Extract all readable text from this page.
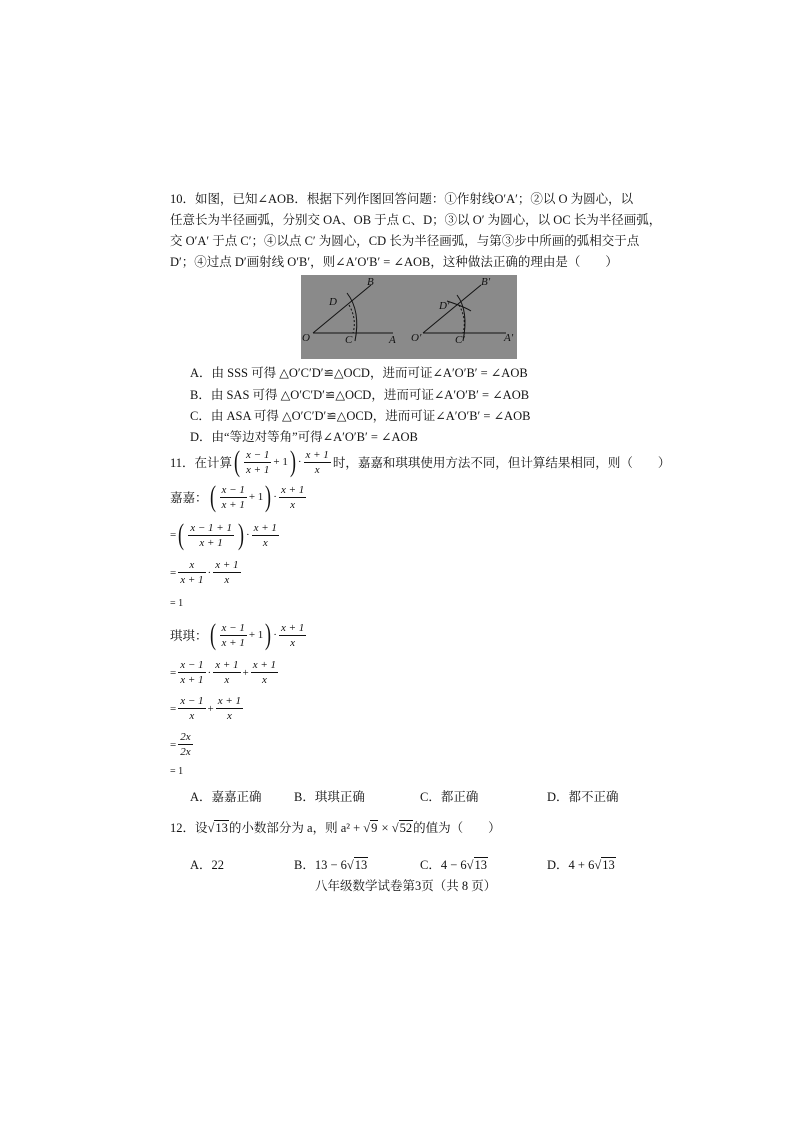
10．如图，已知∠AOB．根据下列作图回答问题：①作射线O′A′；②以 O 为圆心，以
任意长为半径画弧，分别交 OA、OB 于点 C、D；③以 O′ 为圆心，以 OC 长为半径画弧，
交 O′A′ 于点 C′；④以点 C′ 为圆心，CD 长为半径画弧，与第③步中所画的弧相交于点
D′；④过点 D′画射线 O′B′，则∠A′O′B′ = ∠AOB，这种做法正确的理由是（　　）
B
D
O	C	A
B′
D′
O′	C′	A′
A．由 SSS 可得 △O′C′D′≌△OCD，进而可证∠A′O′B′ = ∠AOB
B．由 SAS 可得 △O′C′D′≌△OCD，进而可证∠A′O′B′ = ∠AOB
C．由 ASA 可得 △O′C′D′≌△OCD，进而可证∠A′O′B′ = ∠AOB
D．由“等边对等角”可得∠A′O′B′ = ∠AOB
11．在计算 ( $\frac{x - 1}{x + 1} + 1$ ) · $\frac{x + 1}{x}$ 时，嘉嘉和琪琪使用方法不同，但计算结果相同，则（　　）
嘉嘉： ( $\frac{x - 1}{x + 1} + 1$ ) · $\frac{x + 1}{x}$
= ( $\frac{x - 1 + 1}{x + 1}$ ) · $\frac{x + 1}{x}$
= $\frac{x}{x + 1} \cdot \frac{x + 1}{x}$
= 1
琪琪： ( $\frac{x - 1}{x + 1} + 1$ ) · $\frac{x + 1}{x}$
= $\frac{x - 1}{x + 1} \cdot \frac{x + 1}{x} + \frac{x + 1}{x}$
= $\frac{x - 1}{x} + \frac{x + 1}{x}$
= $\frac{2x}{2x}$
= 1
A．嘉嘉正确	B．琪琪正确	C．都正确	D．都不正确
12．设√13的小数部分为 a，则 a² + √9 × √52的值为（　　）
A．22	B．13 − 6√13	C．4 − 6√13	D．4 + 6√13
八年级数学试卷第3页（共 8 页）
